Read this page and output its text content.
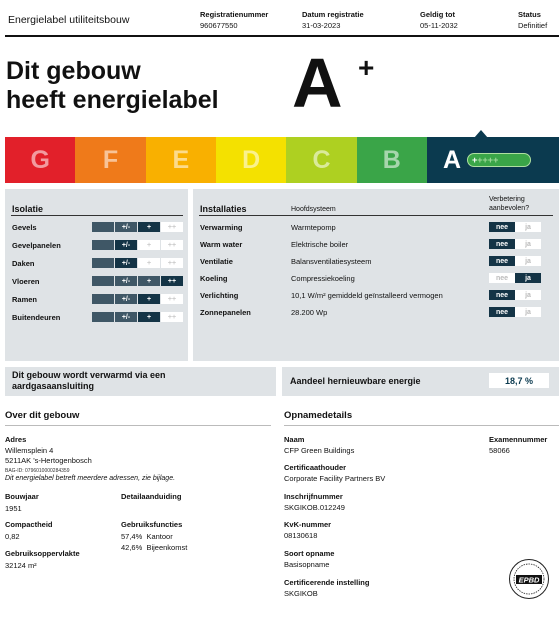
Energielabel utiliteitsbouw	Registratienummer
960677550
Datum registratie
31-03-2023
Geldig tot
05-11-2032
Status
Definitief
Dit gebouw
heeft energielabel A +
G F E D C B A + ++++
Isolatie
Gevels	+/-	+	++
Gevelpanelen	+/-	+	++
Daken	+/-	+	++
Vloeren	+/-	+	++
Ramen	+/-	+	++
Buitendeuren	+/-	+	++
Installaties	Hoofdsysteem
Verbetering aanbevolen?
Verwarming	Warmtepomp	nee	ja
Warm water	Elektrische boiler	nee	ja
Ventilatie	Balansventilatiesysteem	nee	ja
Koeling	Compressiekoeling	nee	ja
Verlichting	10,1 W/m² gemiddeld geïnstalleerd vermogen	nee	ja
Zonnepanelen	28.200 Wp	nee	ja
Dit gebouw wordt verwarmd via een aardgasaansluiting	Aandeel hernieuwbare energie	18,7 %
Over dit gebouw
Adres
Willemsplein 4
5211AK 's-Hertogenbosch
BAG-ID: 0796010000284359
Dit energielabel betreft meerdere adressen, zie bijlage.
Bouwjaar
1951
Detailaanduiding
Compactheid
0,82
Gebruiksfuncties
57,4% Kantoor
42,6% Bijeenkomst
Gebruiksoppervlakte
32124 m²
Opnamedetails
Naam
CFP Green Buildings
Examennummer
58066
Certificaathouder
Corporate Facility Partners BV
Inschrijfnummer
SKGIKOB.012249
KvK-nummer
08130618
Soort opname
Basisopname
Certificerende instelling
SKGIKOB
EPBD
